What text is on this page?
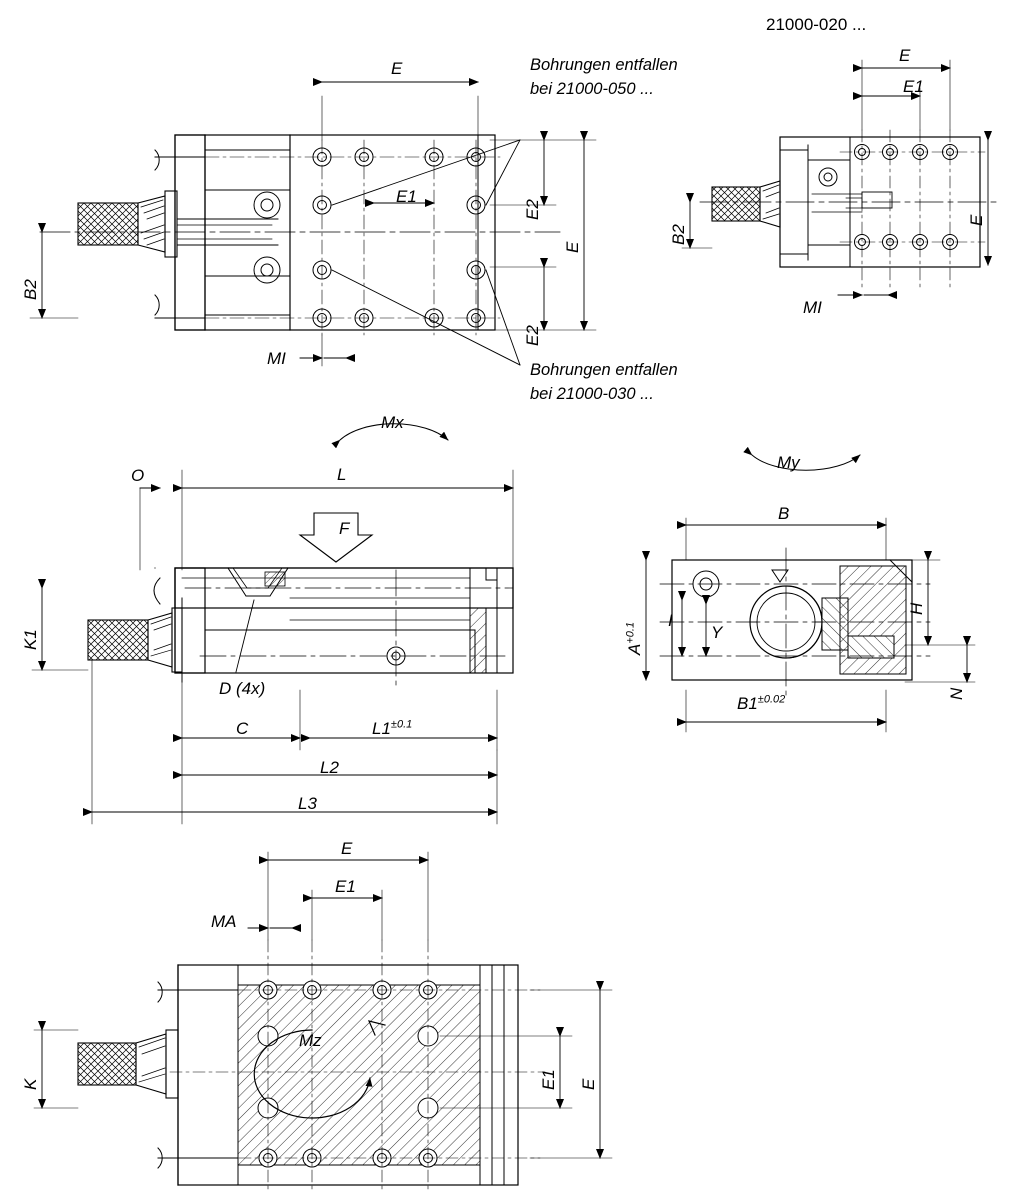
21000-020 ...
Bohrungen entfallen
bei 21000-050 ...
Bohrungen entfallen
bei 21000-030 ...
E
E1
E2
E2
E
B2
MI
E
E1
E
B2
MI
Mx
O	L
F
K1
D (4x)
C	$L1^{\pm 0.1}$
L2
L3
My
B
$A^{+0.1}$
I
Y
H
N
$B1^{\pm 0.02}$
E
E1
MA
K
Mz
E1 E
